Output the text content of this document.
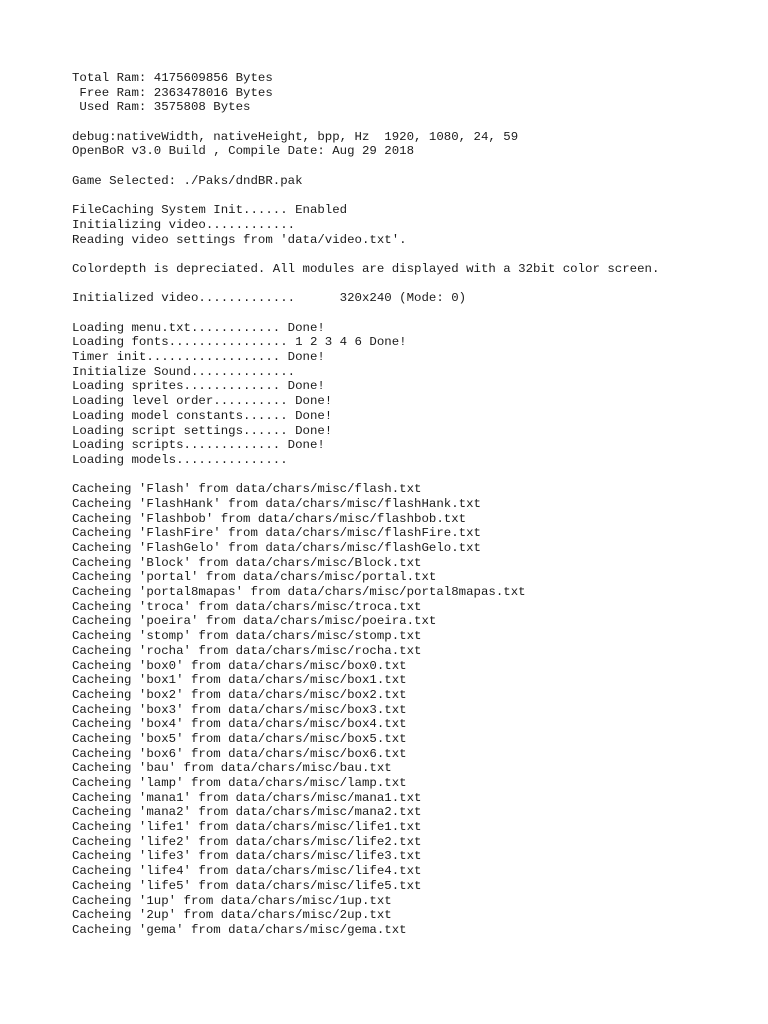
Total Ram: 4175609856 Bytes
Free Ram: 2363478016 Bytes
Used Ram: 3575808 Bytes
debug:nativeWidth, nativeHeight, bpp, Hz  1920, 1080, 24, 59
OpenBoR v3.0 Build , Compile Date: Aug 29 2018
Game Selected: ./Paks/dndBR.pak
FileCaching System Init...... Enabled
Initializing video............
Reading video settings from 'data/video.txt'.
Colordepth is depreciated. All modules are displayed with a 32bit color screen.
Initialized video.............      320x240 (Mode: 0)
Loading menu.txt............ Done!
Loading fonts................ 1 2 3 4 6 Done!
Timer init.................. Done!
Initialize Sound..............
Loading sprites............. Done!
Loading level order.......... Done!
Loading model constants...... Done!
Loading script settings...... Done!
Loading scripts............. Done!
Loading models...............
Cacheing 'Flash' from data/chars/misc/flash.txt
Cacheing 'FlashHank' from data/chars/misc/flashHank.txt
Cacheing 'Flashbob' from data/chars/misc/flashbob.txt
Cacheing 'FlashFire' from data/chars/misc/flashFire.txt
Cacheing 'FlashGelo' from data/chars/misc/flashGelo.txt
Cacheing 'Block' from data/chars/misc/Block.txt
Cacheing 'portal' from data/chars/misc/portal.txt
Cacheing 'portal8mapas' from data/chars/misc/portal8mapas.txt
Cacheing 'troca' from data/chars/misc/troca.txt
Cacheing 'poeira' from data/chars/misc/poeira.txt
Cacheing 'stomp' from data/chars/misc/stomp.txt
Cacheing 'rocha' from data/chars/misc/rocha.txt
Cacheing 'box0' from data/chars/misc/box0.txt
Cacheing 'box1' from data/chars/misc/box1.txt
Cacheing 'box2' from data/chars/misc/box2.txt
Cacheing 'box3' from data/chars/misc/box3.txt
Cacheing 'box4' from data/chars/misc/box4.txt
Cacheing 'box5' from data/chars/misc/box5.txt
Cacheing 'box6' from data/chars/misc/box6.txt
Cacheing 'bau' from data/chars/misc/bau.txt
Cacheing 'lamp' from data/chars/misc/lamp.txt
Cacheing 'mana1' from data/chars/misc/mana1.txt
Cacheing 'mana2' from data/chars/misc/mana2.txt
Cacheing 'life1' from data/chars/misc/life1.txt
Cacheing 'life2' from data/chars/misc/life2.txt
Cacheing 'life3' from data/chars/misc/life3.txt
Cacheing 'life4' from data/chars/misc/life4.txt
Cacheing 'life5' from data/chars/misc/life5.txt
Cacheing '1up' from data/chars/misc/1up.txt
Cacheing '2up' from data/chars/misc/2up.txt
Cacheing 'gema' from data/chars/misc/gema.txt
